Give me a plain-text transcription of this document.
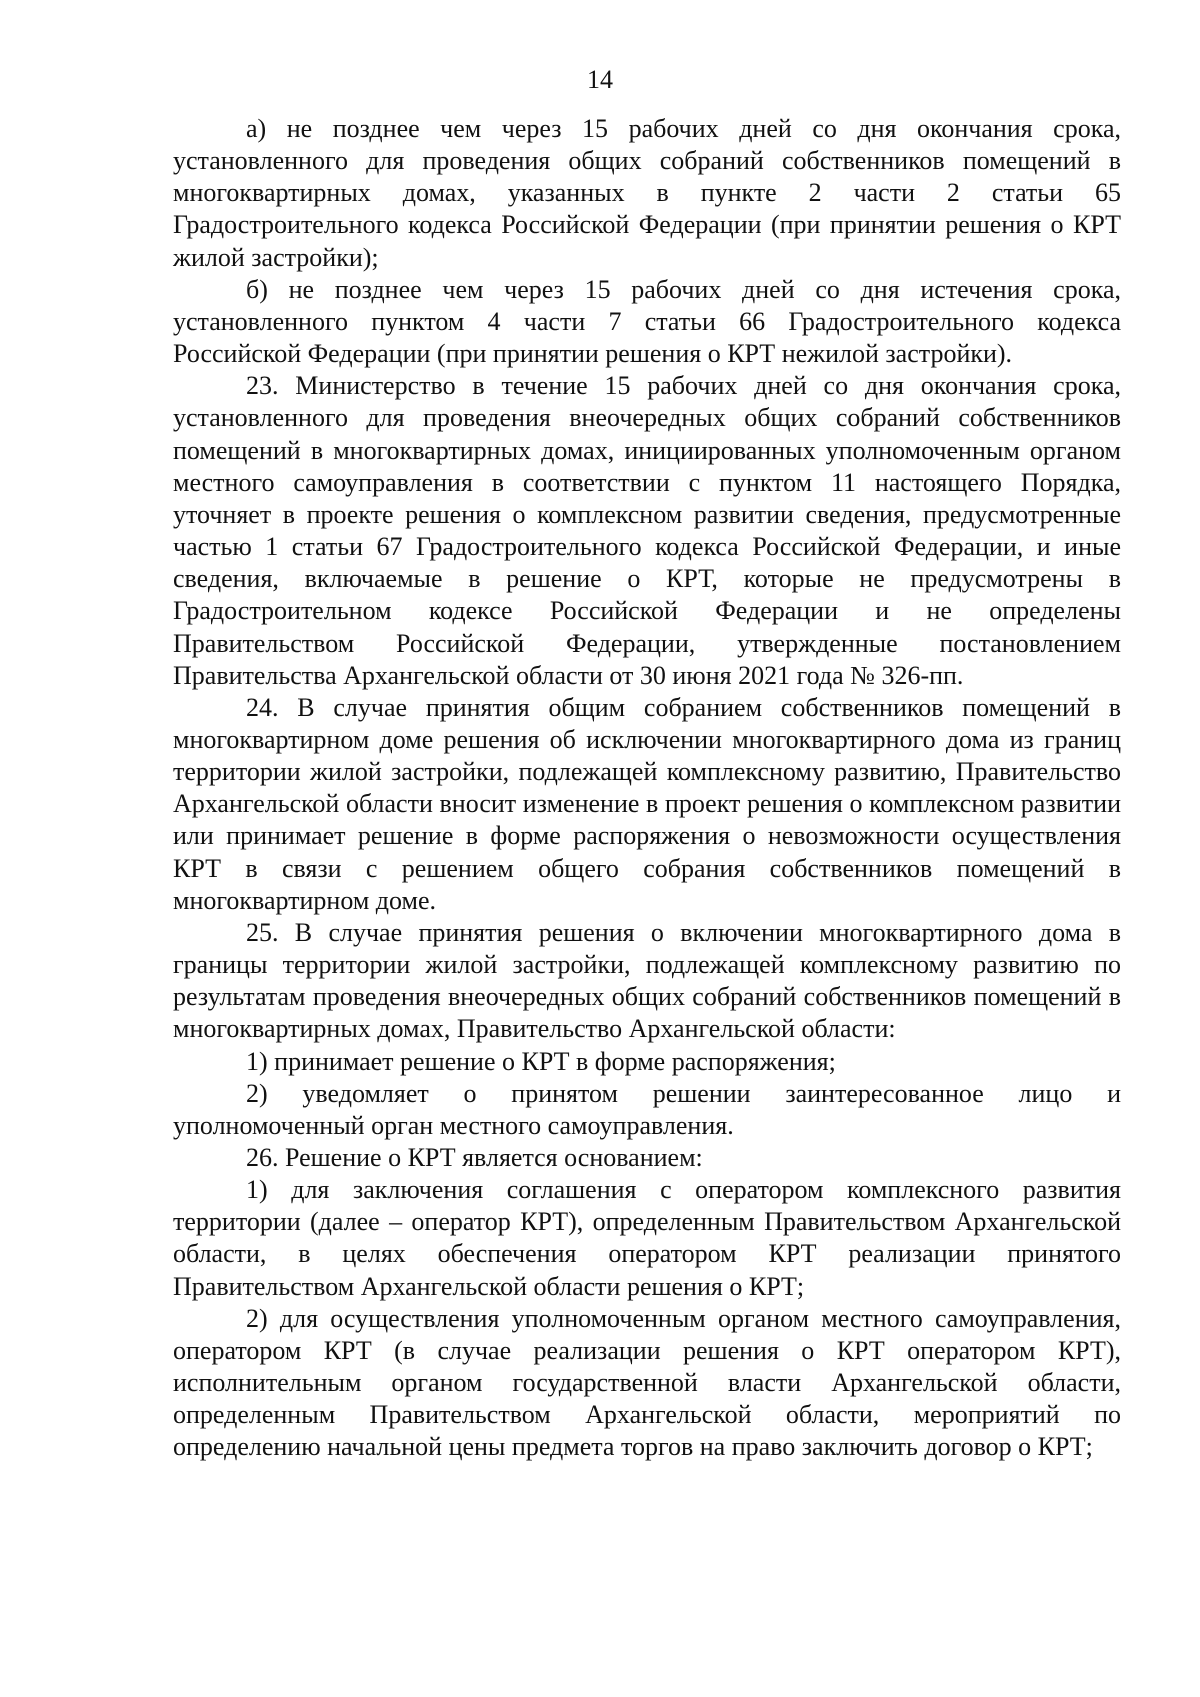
14

а) не позднее чем через 15 рабочих дней со дня окончания срока, установленного для проведения общих собраний собственников помещений в многоквартирных домах, указанных в пункте 2 части 2 статьи 65 Градостроительного кодекса Российской Федерации (при принятии решения о КРТ жилой застройки);

б) не позднее чем через 15 рабочих дней со дня истечения срока, установленного пунктом 4 части 7 статьи 66 Градостроительного кодекса Российской Федерации (при принятии решения о КРТ нежилой застройки).

23. Министерство в течение 15 рабочих дней со дня окончания срока, установленного для проведения внеочередных общих собраний собственников помещений в многоквартирных домах, инициированных уполномоченным органом местного самоуправления в соответствии с пунктом 11 настоящего Порядка, уточняет в проекте решения о комплексном развитии сведения, предусмотренные частью 1 статьи 67 Градостроительного кодекса Российской Федерации, и иные сведения, включаемые в решение о КРТ, которые не предусмотрены в Градостроительном кодексе Российской Федерации и не определены Правительством Российской Федерации, утвержденные постановлением Правительства Архангельской области от 30 июня 2021 года № 326-пп.

24. В случае принятия общим собранием собственников помещений в многоквартирном доме решения об исключении многоквартирного дома из границ территории жилой застройки, подлежащей комплексному развитию, Правительство Архангельской области вносит изменение в проект решения о комплексном развитии или принимает решение в форме распоряжения о невозможности осуществления КРТ в связи с решением общего собрания собственников помещений в многоквартирном доме.

25. В случае принятия решения о включении многоквартирного дома в границы территории жилой застройки, подлежащей комплексному развитию по результатам проведения внеочередных общих собраний собственников помещений в многоквартирных домах, Правительство Архангельской области:

1) принимает решение о КРТ в форме распоряжения;

2) уведомляет о принятом решении заинтересованное лицо и уполномоченный орган местного самоуправления.

26. Решение о КРТ является основанием:

1) для заключения соглашения с оператором комплексного развития территории (далее – оператор КРТ), определенным Правительством Архангельской области, в целях обеспечения оператором КРТ реализации принятого Правительством Архангельской области решения о КРТ;

2) для осуществления уполномоченным органом местного самоуправления, оператором КРТ (в случае реализации решения о КРТ оператором КРТ), исполнительным органом государственной власти Архангельской области, определенным Правительством Архангельской области, мероприятий по определению начальной цены предмета торгов на право заключить договор о КРТ;
